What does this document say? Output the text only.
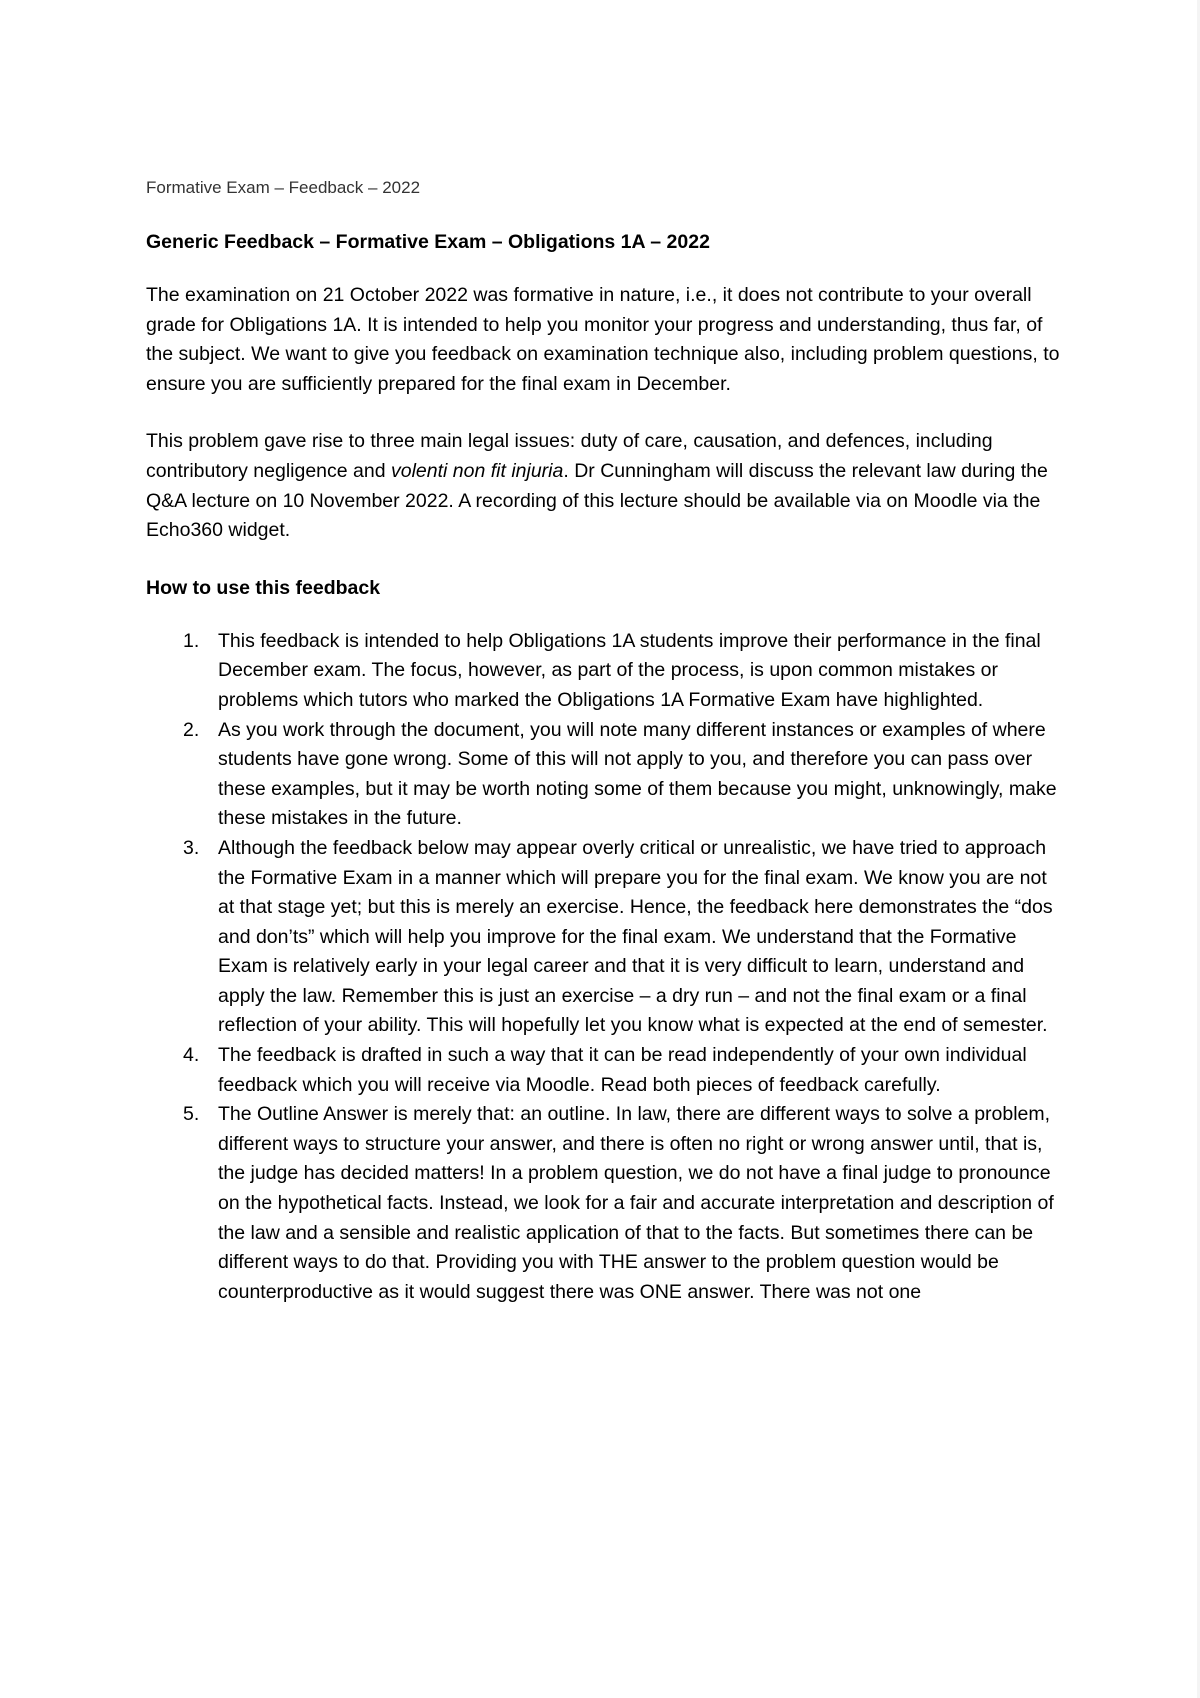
Formative Exam – Feedback – 2022
Generic Feedback – Formative Exam – Obligations 1A – 2022

The examination on 21 October 2022 was formative in nature, i.e., it does not contribute to your overall grade for Obligations 1A. It is intended to help you monitor your progress and understanding, thus far, of the subject. We want to give you feedback on examination technique also, including problem questions, to ensure you are sufficiently prepared for the final exam in December.

This problem gave rise to three main legal issues: duty of care, causation, and defences, including contributory negligence and volenti non fit injuria. Dr Cunningham will discuss the relevant law during the Q&A lecture on 10 November 2022. A recording of this lecture should be available via on Moodle via the Echo360 widget.

How to use this feedback
1. This feedback is intended to help Obligations 1A students improve their performance in the final December exam. The focus, however, as part of the process, is upon common mistakes or problems which tutors who marked the Obligations 1A Formative Exam have highlighted.
2. As you work through the document, you will note many different instances or examples of where students have gone wrong. Some of this will not apply to you, and therefore you can pass over these examples, but it may be worth noting some of them because you might, unknowingly, make these mistakes in the future.
3. Although the feedback below may appear overly critical or unrealistic, we have tried to approach the Formative Exam in a manner which will prepare you for the final exam. We know you are not at that stage yet; but this is merely an exercise. Hence, the feedback here demonstrates the “dos and don’ts” which will help you improve for the final exam. We understand that the Formative Exam is relatively early in your legal career and that it is very difficult to learn, understand and apply the law. Remember this is just an exercise – a dry run – and not the final exam or a final reflection of your ability. This will hopefully let you know what is expected at the end of semester.
4. The feedback is drafted in such a way that it can be read independently of your own individual feedback which you will receive via Moodle. Read both pieces of feedback carefully.
5. The Outline Answer is merely that: an outline. In law, there are different ways to solve a problem, different ways to structure your answer, and there is often no right or wrong answer until, that is, the judge has decided matters! In a problem question, we do not have a final judge to pronounce on the hypothetical facts. Instead, we look for a fair and accurate interpretation and description of the law and a sensible and realistic application of that to the facts. But sometimes there can be different ways to do that. Providing you with THE answer to the problem question would be counterproductive as it would suggest there was ONE answer. There was not one
